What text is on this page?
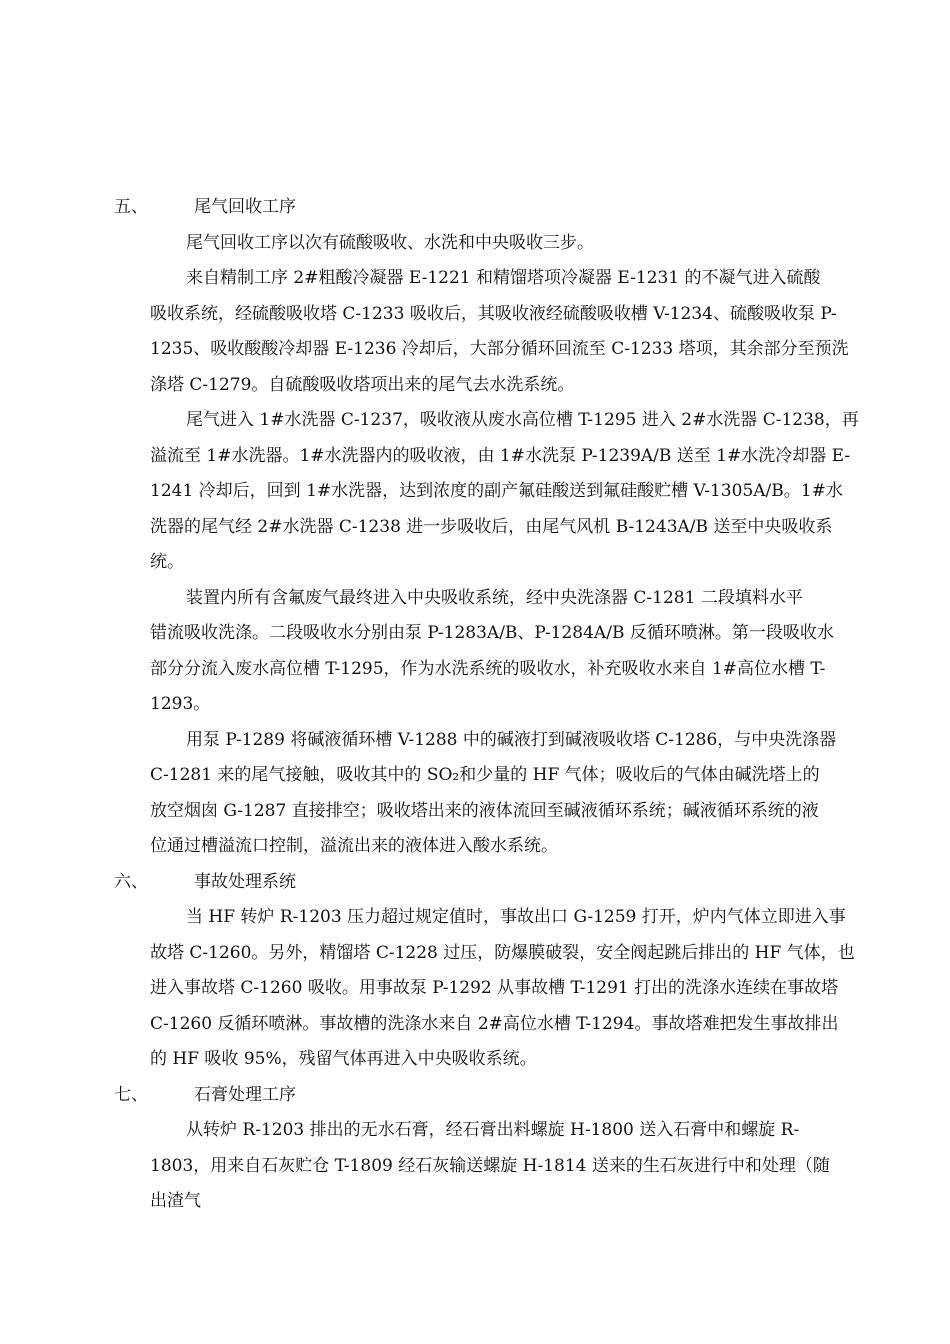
五、	尾气回收工序
尾气回收工序以次有硫酸吸收、水洗和中央吸收三步。
来自精制工序 2#粗酸冷凝器 E-1221 和精馏塔项冷凝器 E-1231 的不凝气进入硫酸
吸收系统，经硫酸吸收塔 C-1233 吸收后，其吸收液经硫酸吸收槽 V-1234、硫酸吸收泵 P-
1235、吸收酸酸冷却器 E-1236 冷却后，大部分循环回流至 C-1233 塔项，其余部分至预洗
涤塔 C-1279。自硫酸吸收塔项出来的尾气去水洗系统。
尾气进入 1#水洗器 C-1237，吸收液从废水高位槽 T-1295 进入 2#水洗器 C-1238，再
溢流至 1#水洗器。1#水洗器内的吸收液，由 1#水洗泵 P-1239A/B 送至 1#水洗冷却器 E-
1241 冷却后，回到 1#水洗器，达到浓度的副产氟硅酸送到氟硅酸贮槽 V-1305A/B。1#水
洗器的尾气经 2#水洗器 C-1238 进一步吸收后，由尾气风机 B-1243A/B 送至中央吸收系
统。
装置内所有含氟废气最终进入中央吸收系统，经中央洗涤器 C-1281 二段填料水平
错流吸收洗涤。二段吸收水分别由泵 P-1283A/B、P-1284A/B 反循环喷淋。第一段吸收水
部分分流入废水高位槽 T-1295，作为水洗系统的吸收水，补充吸收水来自 1#高位水槽 T-
1293。
用泵 P-1289 将碱液循环槽 V-1288 中的碱液打到碱液吸收塔 C-1286，与中央洗涤器
C-1281 来的尾气接触，吸收其中的 SO₂和少量的 HF 气体；吸收后的气体由碱洗塔上的
放空烟囱 G-1287 直接排空；吸收塔出来的液体流回至碱液循环系统；碱液循环系统的液
位通过槽溢流口控制，溢流出来的液体进入酸水系统。
六、	事故处理系统
当 HF 转炉 R-1203 压力超过规定值时，事故出口 G-1259 打开，炉内气体立即进入事
故塔 C-1260。另外，精馏塔 C-1228 过压，防爆膜破裂，安全阀起跳后排出的 HF 气体，也
进入事故塔 C-1260 吸收。用事故泵 P-1292 从事故槽 T-1291 打出的洗涤水连续在事故塔
C-1260 反循环喷淋。事故槽的洗涤水来自 2#高位水槽 T-1294。事故塔难把发生事故排出
的 HF 吸收 95%，残留气体再进入中央吸收系统。
七、	石膏处理工序
从转炉 R-1203 排出的无水石膏，经石膏出料螺旋 H-1800 送入石膏中和螺旋 R-
1803，用来自石灰贮仓 T-1809 经石灰输送螺旋 H-1814 送来的生石灰进行中和处理（随
出渣气
